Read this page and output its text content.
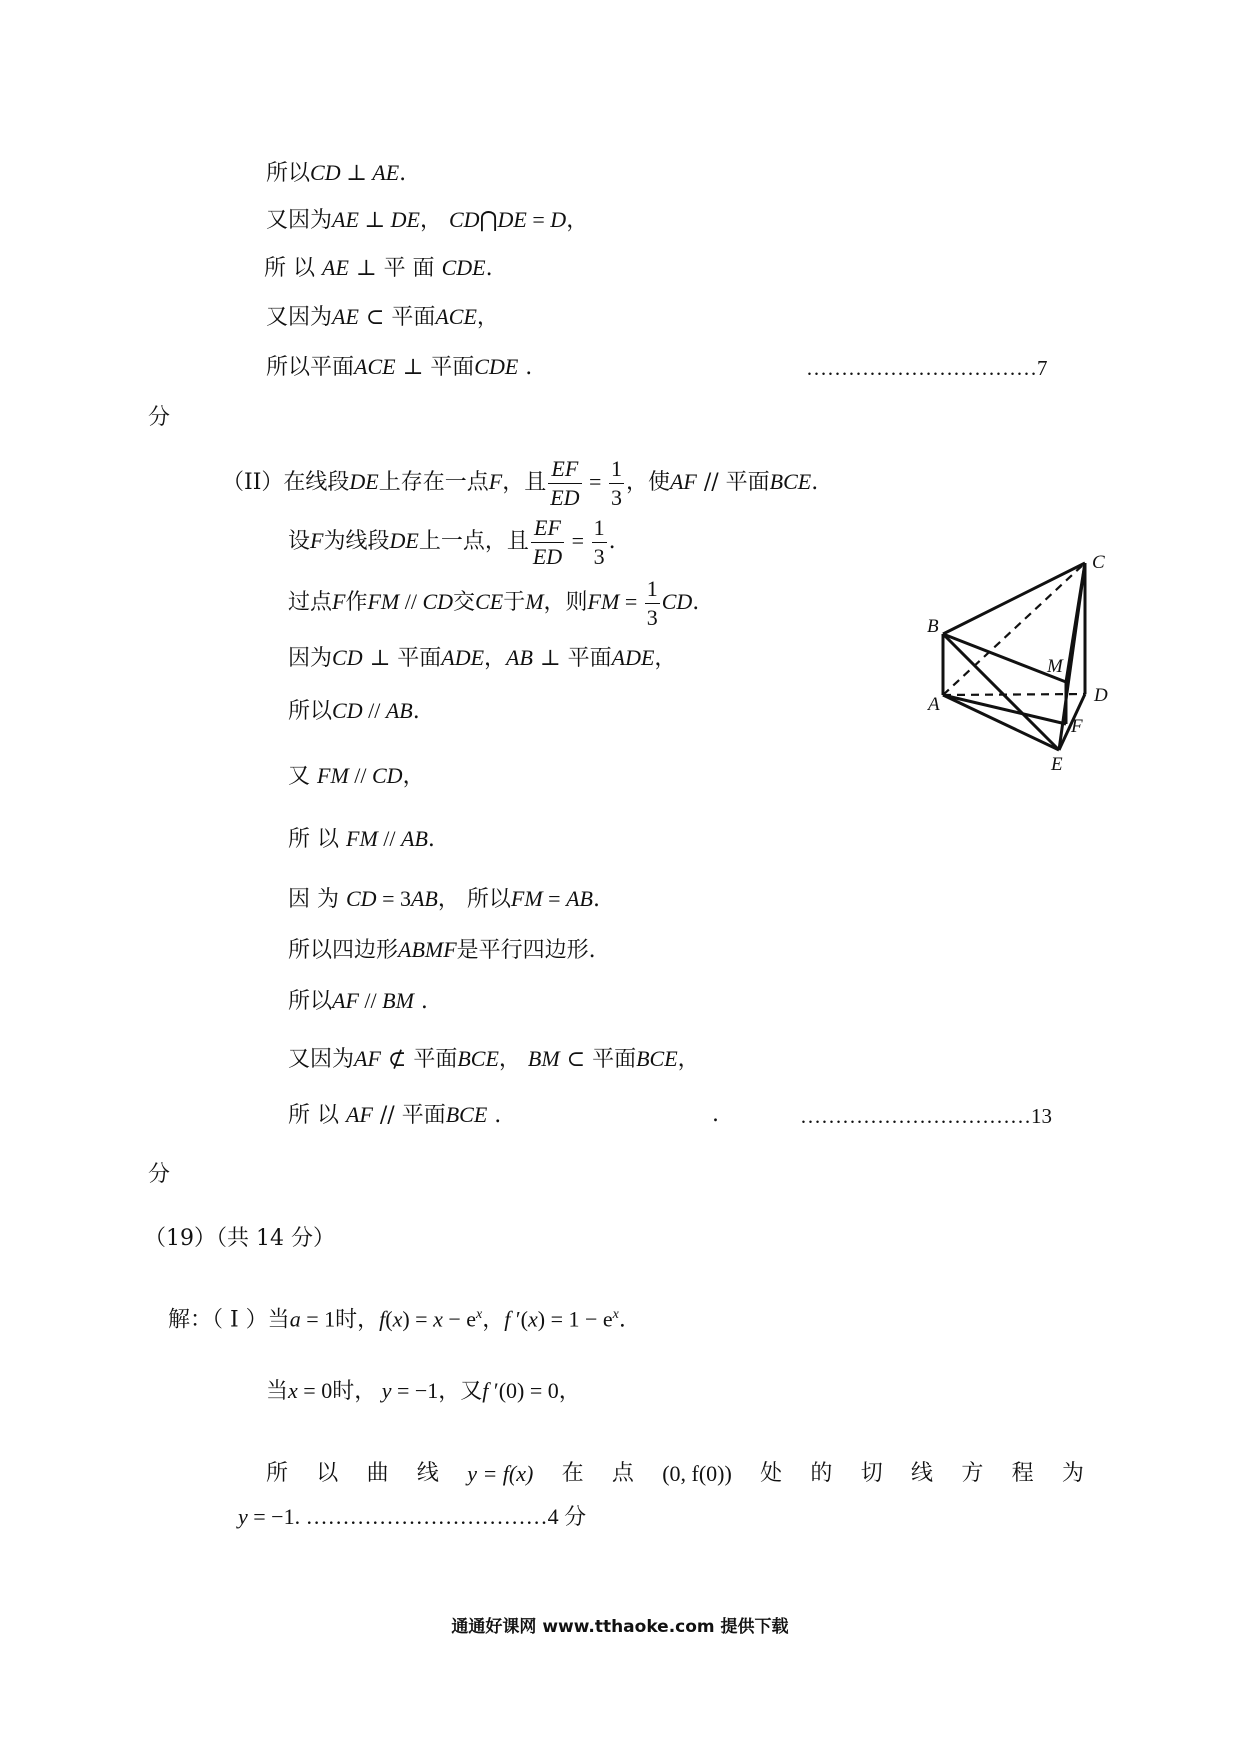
所以CD ⊥ AE.
又因为AE ⊥ DE， CD⋂DE = D，
所 以 AE ⊥ 平 面 CDE.
又因为AE ⊂ 平面ACE，
所以平面ACE ⊥ 平面CDE .	……………………………7
分
（II）在线段DE上存在一点F，且 $\frac{EF}{ED} = \frac{1}{3}$ ，使AF // 平面BCE.
设F为线段DE上一点，且 $\frac{EF}{ED} = \frac{1}{3}$ .
过点F作FM // CD交CE于M，则FM = $\frac{1}{3}$ CD.
因为CD ⊥ 平面ADE，AB ⊥ 平面ADE，
所以CD // AB.
又 FM // CD，
所 以 FM // AB.
因 为 CD = 3AB， 所以FM = AB.
所以四边形ABMF是平行四边形.
所以AF // BM .
又因为AF ⊄ 平面BCE， BM ⊂ 平面BCE，
所 以 AF // 平面BCE .	.	……………………………13
分
C
B
M
D
A
F
E
（19）（共 14 分）
解：（ I ）当a = 1时，$f(x) = x - e^x$，f $'(x) = 1 - e^x$.
当x = 0时， y = −1，又f ′(0) = 0，
所 以 曲 线 y = f(x) 在 点 (0, f(0)) 处 的 切 线 方 程 为
y = −1. ……………………………4 分
通通好课网 www.tthaoke.com 提供下载
